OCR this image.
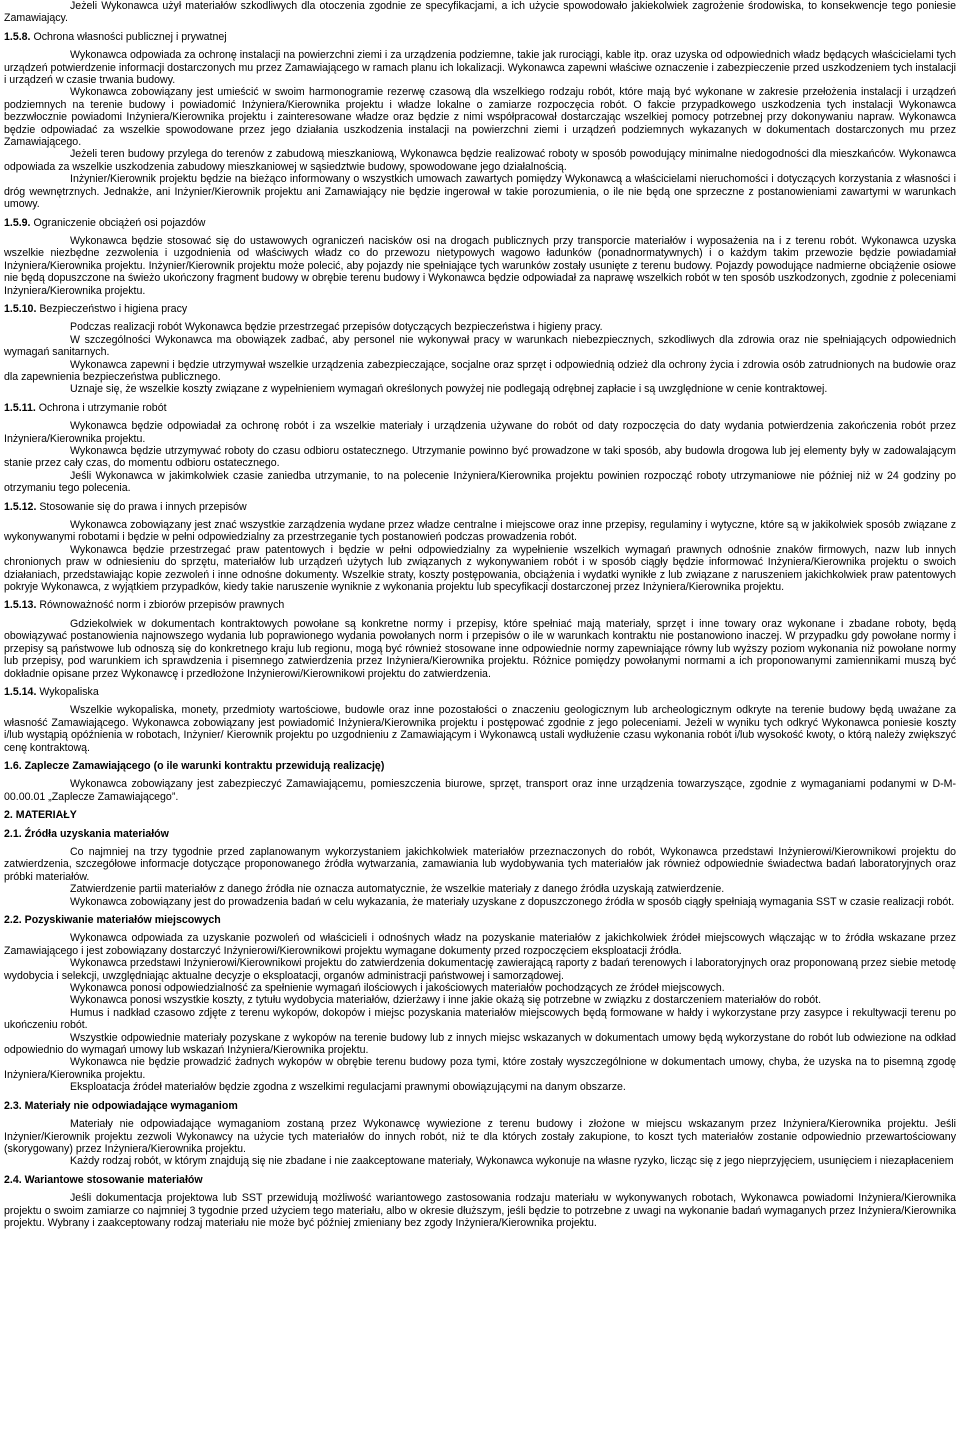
Jeżeli Wykonawca użył materiałów szkodliwych dla otoczenia zgodnie ze specyfikacjami, a ich użycie spowodowało jakiekolwiek zagrożenie środowiska, to konsekwencje tego poniesie Zamawiający.

1.5.8. Ochrona własności publicznej i prywatnej

Wykonawca odpowiada za ochronę instalacji na powierzchni ziemi i za urządzenia podziemne, takie jak rurociągi, kable itp. oraz uzyska od odpowiednich władz będących właścicielami tych urządzeń potwierdzenie informacji dostarczonych mu przez Zamawiającego w ramach planu ich lokalizacji. Wykonawca zapewni właściwe oznaczenie i zabezpieczenie przed uszkodzeniem tych instalacji i urządzeń w czasie trwania budowy.

Wykonawca zobowiązany jest umieścić w swoim harmonogramie rezerwę czasową dla wszelkiego rodzaju robót, które mają być wykonane w zakresie przełożenia instalacji i urządzeń podziemnych na terenie budowy i powiadomić Inżyniera/Kierownika projektu i władze lokalne o zamiarze rozpoczęcia robót. O fakcie przypadkowego uszkodzenia tych instalacji Wykonawca bezzwłocznie powiadomi Inżyniera/Kierownika projektu i zainteresowane władze oraz będzie z nimi współpracował dostarczając wszelkiej pomocy potrzebnej przy dokonywaniu napraw. Wykonawca będzie odpowiadać za wszelkie spowodowane przez jego działania uszkodzenia instalacji na powierzchni ziemi i urządzeń podziemnych wykazanych w dokumentach dostarczonych mu przez Zamawiającego.

Jeżeli teren budowy przylega do terenów z zabudową mieszkaniową, Wykonawca będzie realizować roboty w sposób powodujący minimalne niedogodności dla mieszkańców. Wykonawca odpowiada za wszelkie uszkodzenia zabudowy mieszkaniowej w sąsiedztwie budowy, spowodowane jego działalnością.

Inżynier/Kierownik projektu będzie na bieżąco informowany o wszystkich umowach zawartych pomiędzy Wykonawcą a właścicielami nieruchomości i dotyczących korzystania z własności i dróg wewnętrznych. Jednakże, ani Inżynier/Kierownik projektu ani Zamawiający nie będzie ingerował w takie porozumienia, o ile nie będą one sprzeczne z postanowieniami zawartymi w warunkach umowy.

1.5.9. Ograniczenie obciążeń osi pojazdów

Wykonawca będzie stosować się do ustawowych ograniczeń nacisków osi na drogach publicznych przy transporcie materiałów i wyposażenia na i z terenu robót. Wykonawca uzyska wszelkie niezbędne zezwolenia i uzgodnienia od właściwych władz co do przewozu nietypowych wagowo ładunków (ponadnormatywnych) i o każdym takim przewozie będzie powiadamiał Inżyniera/Kierownika projektu. Inżynier/Kierownik projektu może polecić, aby pojazdy nie spełniające tych warunków zostały usunięte z terenu budowy. Pojazdy powodujące nadmierne obciążenie osiowe nie będą dopuszczone na świeżo ukończony fragment budowy w obrębie terenu budowy i Wykonawca będzie odpowiadał za naprawę wszelkich robót w ten sposób uszkodzonych, zgodnie z poleceniami Inżyniera/Kierownika projektu.

1.5.10. Bezpieczeństwo i higiena pracy

Podczas realizacji robót Wykonawca będzie przestrzegać przepisów dotyczących bezpieczeństwa i higieny pracy.

W szczególności Wykonawca ma obowiązek zadbać, aby personel nie wykonywał pracy w warunkach niebezpiecznych, szkodliwych dla zdrowia oraz nie spełniających odpowiednich wymagań sanitarnych.

Wykonawca zapewni i będzie utrzymywał wszelkie urządzenia zabezpieczające, socjalne oraz sprzęt i odpowiednią odzież dla ochrony życia i zdrowia osób zatrudnionych na budowie oraz dla zapewnienia bezpieczeństwa publicznego.

Uznaje się, że wszelkie koszty związane z wypełnieniem wymagań określonych powyżej nie podlegają odrębnej zapłacie i są uwzględnione w cenie kontraktowej.

1.5.11. Ochrona i utrzymanie robót

Wykonawca będzie odpowiadał za ochronę robót i za wszelkie materiały i urządzenia używane do robót od daty rozpoczęcia do daty wydania potwierdzenia zakończenia robót przez Inżyniera/Kierownika projektu.

Wykonawca będzie utrzymywać roboty do czasu odbioru ostatecznego. Utrzymanie powinno być prowadzone w taki sposób, aby budowla drogowa lub jej elementy były w zadowalającym stanie przez cały czas, do momentu odbioru ostatecznego.

Jeśli Wykonawca w jakimkolwiek czasie zaniedba utrzymanie, to na polecenie Inżyniera/Kierownika projektu powinien rozpocząć roboty utrzymaniowe nie później niż w 24 godziny po otrzymaniu tego polecenia.

1.5.12. Stosowanie się do prawa i innych przepisów

Wykonawca zobowiązany jest znać wszystkie zarządzenia wydane przez władze centralne i miejscowe oraz inne przepisy, regulaminy i wytyczne, które są w jakikolwiek sposób związane z wykonywanymi robotami i będzie w pełni odpowiedzialny za przestrzeganie tych postanowień podczas prowadzenia robót.

Wykonawca będzie przestrzegać praw patentowych i będzie w pełni odpowiedzialny za wypełnienie wszelkich wymagań prawnych odnośnie znaków firmowych, nazw lub innych chronionych praw w odniesieniu do sprzętu, materiałów lub urządzeń użytych lub związanych z wykonywaniem robót i w sposób ciągły będzie informować Inżyniera/Kierownika projektu o swoich działaniach, przedstawiając kopie zezwoleń i inne odnośne dokumenty. Wszelkie straty, koszty postępowania, obciążenia i wydatki wynikłe z lub związane z naruszeniem jakichkolwiek praw patentowych pokryje Wykonawca, z wyjątkiem przypadków, kiedy takie naruszenie wyniknie z wykonania projektu lub specyfikacji dostarczonej przez Inżyniera/Kierownika projektu.

1.5.13. Równoważność norm i zbiorów przepisów prawnych

Gdziekolwiek w dokumentach kontraktowych powołane są konkretne normy i przepisy, które spełniać mają materiały, sprzęt i inne towary oraz wykonane i zbadane roboty, będą obowiązywać postanowienia najnowszego wydania lub poprawionego wydania powołanych norm i przepisów o ile w warunkach kontraktu nie postanowiono inaczej. W przypadku gdy powołane normy i przepisy są państwowe lub odnoszą się do konkretnego kraju lub regionu, mogą być również stosowane inne odpowiednie normy zapewniające równy lub wyższy poziom wykonania niż powołane normy lub przepisy, pod warunkiem ich sprawdzenia i pisemnego zatwierdzenia przez Inżyniera/Kierownika projektu. Różnice pomiędzy powołanymi normami a ich proponowanymi zamiennikami muszą być dokładnie opisane przez Wykonawcę i przedłożone Inżynierowi/Kierownikowi projektu do zatwierdzenia.

1.5.14. Wykopaliska

Wszelkie wykopaliska, monety, przedmioty wartościowe, budowle oraz inne pozostałości o znaczeniu geologicznym lub archeologicznym odkryte na terenie budowy będą uważane za własność Zamawiającego. Wykonawca zobowiązany jest powiadomić Inżyniera/Kierownika projektu i postępować zgodnie z jego poleceniami. Jeżeli w wyniku tych odkryć Wykonawca poniesie koszty i/lub wystąpią opóźnienia w robotach, Inżynier/ Kierownik projektu po uzgodnieniu z Zamawiającym i Wykonawcą ustali wydłużenie czasu wykonania robót i/lub wysokość kwoty, o którą należy zwiększyć cenę kontraktową.

1.6. Zaplecze Zamawiającego (o ile warunki kontraktu przewidują realizację)

Wykonawca zobowiązany jest zabezpieczyć Zamawiającemu, pomieszczenia biurowe, sprzęt, transport oraz inne urządzenia towarzyszące, zgodnie z wymaganiami podanymi w D-M-00.00.01 „Zaplecze Zamawiającego”.

2. MATERIAŁY
2.1. Źródła uzyskania materiałów

Co najmniej na trzy tygodnie przed zaplanowanym wykorzystaniem jakichkolwiek materiałów przeznaczonych do robót, Wykonawca przedstawi Inżynierowi/Kierownikowi projektu do zatwierdzenia, szczegółowe informacje dotyczące proponowanego źródła wytwarzania, zamawiania lub wydobywania tych materiałów jak również odpowiednie świadectwa badań laboratoryjnych oraz próbki materiałów.

Zatwierdzenie partii materiałów z danego źródła nie oznacza automatycznie, że wszelkie materiały z danego źródła uzyskają zatwierdzenie.

Wykonawca zobowiązany jest do prowadzenia badań w celu wykazania, że materiały uzyskane z dopuszczonego źródła w sposób ciągły spełniają wymagania SST w czasie realizacji robót.

2.2. Pozyskiwanie materiałów miejscowych

Wykonawca odpowiada za uzyskanie pozwoleń od właścicieli i odnośnych władz na pozyskanie materiałów z jakichkolwiek źródeł miejscowych włączając w to źródła wskazane przez Zamawiającego i jest zobowiązany dostarczyć Inżynierowi/Kierownikowi projektu wymagane dokumenty przed rozpoczęciem eksploatacji źródła.

Wykonawca przedstawi Inżynierowi/Kierownikowi projektu do zatwierdzenia dokumentację zawierającą raporty z badań terenowych i laboratoryjnych oraz proponowaną przez siebie metodę wydobycia i selekcji, uwzględniając aktualne decyzje o eksploatacji, organów administracji państwowej i samorządowej.

Wykonawca ponosi odpowiedzialność za spełnienie wymagań ilościowych i jakościowych materiałów pochodzących ze źródeł miejscowych.

Wykonawca ponosi wszystkie koszty, z tytułu wydobycia materiałów, dzierżawy i inne jakie okażą się potrzebne w związku z dostarczeniem materiałów do robót.

Humus i nadkład czasowo zdjęte z terenu wykopów, dokopów i miejsc pozyskania materiałów miejscowych będą formowane w hałdy i wykorzystane przy zasypce i rekultywacji terenu po ukończeniu robót.

Wszystkie odpowiednie materiały pozyskane z wykopów na terenie budowy lub z innych miejsc wskazanych w dokumentach umowy będą wykorzystane do robót lub odwiezione na odkład odpowiednio do wymagań umowy lub wskazań Inżyniera/Kierownika projektu.

Wykonawca nie będzie prowadzić żadnych wykopów w obrębie terenu budowy poza tymi, które zostały wyszczególnione w dokumentach umowy, chyba, że uzyska na to pisemną zgodę Inżyniera/Kierownika projektu.

Eksploatacja źródeł materiałów będzie zgodna z wszelkimi regulacjami prawnymi obowiązującymi na danym obszarze.

2.3. Materiały nie odpowiadające wymaganiom

Materiały nie odpowiadające wymaganiom zostaną przez Wykonawcę wywiezione z terenu budowy i złożone w miejscu wskazanym przez Inżyniera/Kierownika projektu. Jeśli Inżynier/Kierownik projektu zezwoli Wykonawcy na użycie tych materiałów do innych robót, niż te dla których zostały zakupione, to koszt tych materiałów zostanie odpowiednio przewartościowany (skorygowany) przez Inżyniera/Kierownika projektu.

Każdy rodzaj robót, w którym znajdują się nie zbadane i nie zaakceptowane materiały, Wykonawca wykonuje na własne ryzyko, licząc się z jego nieprzyjęciem, usunięciem i niezapłaceniem

2.4. Wariantowe stosowanie materiałów

Jeśli dokumentacja projektowa lub SST przewidują możliwość wariantowego zastosowania rodzaju materiału w wykonywanych robotach, Wykonawca powiadomi Inżyniera/Kierownika projektu o swoim zamiarze co najmniej 3 tygodnie przed użyciem tego materiału, albo w okresie dłuższym, jeśli będzie to potrzebne z uwagi na wykonanie badań wymaganych przez Inżyniera/Kierownika projektu. Wybrany i zaakceptowany rodzaj materiału nie może być później zmieniany bez zgody Inżyniera/Kierownika projektu.
